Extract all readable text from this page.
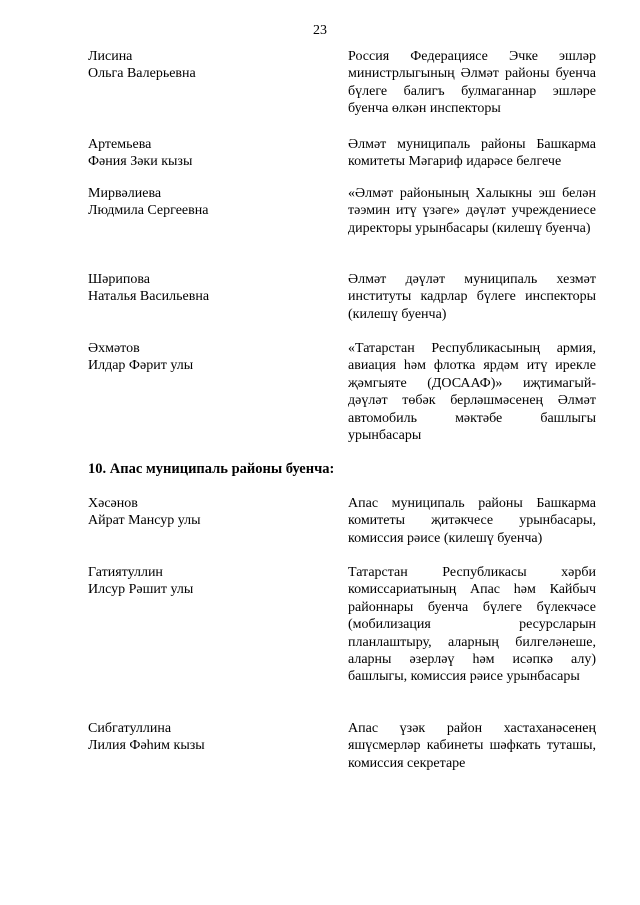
23
Лисина
Ольга Валерьевна
Россия Федерациясе Эчке эшләр министрлыгының Әлмәт районы буенча бүлеге балигъ булмаганнар эшләре буенча өлкән инспекторы
Артемьева
Фәния Зәки кызы
Әлмәт муниципаль районы Башкарма комитеты Мәгариф идарәсе белгече
Мирвәлиева
Людмила Сергеевна
«Әлмәт районының Халыкны эш белән тәэмин итү үзәге» дәүләт учреждениесе директоры урынбасары (килешү буенча)
Шәрипова
Наталья Васильевна
Әлмәт дәүләт муниципаль хезмәт институты кадрлар бүлеге инспекторы (килешү буенча)
Әхмәтов
Илдар Фәрит улы
«Татарстан Республикасының армия, авиация һәм флотка ярдәм итү ирекле җәмгыяте (ДОСААФ)» иҗтимагый-дәүләт төбәк берләшмәсенең Әлмәт автомобиль мәктәбе башлыгы урынбасары
10. Апас муниципаль районы буенча:
Хәсәнов
Айрат Мансур улы
Апас муниципаль районы Башкарма комитеты җитәкчесе урынбасары, комиссия рәисе (килешү буенча)
Гатиятуллин
Илсур Рәшит улы
Татарстан Республикасы хәрби комиссариатының Апас һәм Кайбыч районнары буенча бүлеге бүлекчәсе (мобилизация ресурсларын планлаштыру, аларның билгеләнеше, аларны әзерләү һәм исәпкә алу) башлыгы, комиссия рәисе урынбасары
Сибгатуллина
Лилия Фәһим кызы
Апас үзәк район хастаханәсенең яшүсмерләр кабинеты шәфкать туташы, комиссия секретаре
